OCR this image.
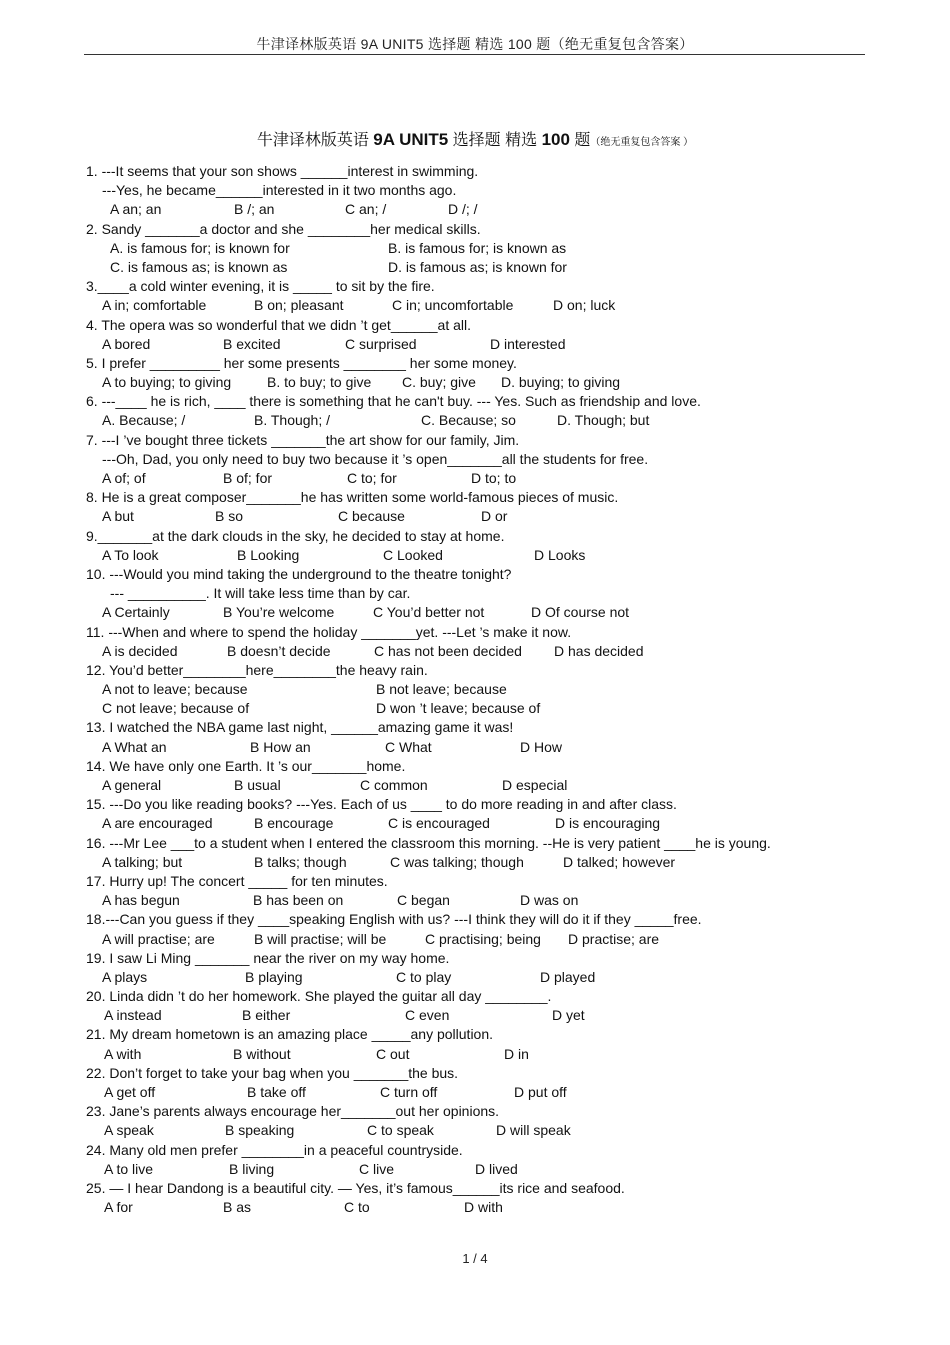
牛津译林版英语 9A UNIT5 选择题 精选 100 题（绝无重复包含答案）
牛津译林版英语 9A UNIT5 选择题 精选 100 题（绝无重复包含答案 ）
1. ---It seems that your son shows ______interest in swimming.
---Yes, he became______interested in it two months ago.
A an; an	B /; an	C an; /	D /; /
2. Sandy _______a doctor and she ________her medical skills.
A. is famous for; is known for	B. is famous for; is known as
C. is famous as; is known as	D. is famous as; is known for
3.____a cold winter evening, it is _____ to sit by the fire.
A in; comfortable	B on; pleasant	C in; uncomfortable	D on; luck
4. The opera was so wonderful that we didn ’t get______at all.
A bored	B excited	C surprised	D interested
5. I prefer _________ her some presents ________ her some money.
A to buying; to giving	B. to buy; to give C. buy; give D. buying; to giving
6. ---____ he is rich, ____ there is something that he can't buy. --- Yes. Such as friendship and love.
A. Because; /	B. Though; /	C. Because; so	D. Though; but
7. ---I ’ve bought three tickets _______the art show for our family, Jim.
---Oh, Dad, you only need to buy two because it ’s open_______all the students for free.
A of; of	B of; for	C to; for	D to; to
8. He is a great composer_______he has written some world-famous pieces of music.
A but	B so	C because	D or
9._______at the dark clouds in the sky, he decided to stay at home.
A To look	B Looking	C Looked	D Looks
10. ---Would you mind taking the underground to the theatre tonight?
--- __________. It will take less time than by car.
A Certainly	B You’re welcome	C You’d better not	D Of course not
11. ---When and where to spend the holiday _______yet. ---Let ’s make it now.
A is decided	B doesn’t decide	C has not been decided D has decided
12. You’d better________here________the heavy rain.
A not to leave; because	B not leave; because
C not leave; because of	D won ’t leave; because of
13. I watched the NBA game last night, ______amazing game it was!
A What an	B How an	C What	D How
14. We have only one Earth. It ’s our_______home.
A general	B usual	C common	D especial
15. ---Do you like reading books? ---Yes. Each of us ____ to do more reading in and after class.
A are encouraged	B encourage	C is encouraged	D is encouraging
16. ---Mr Lee ___to a student when I entered the classroom this morning. --He is very patient ____he is young.
A talking; but	B talks; though	C was talking; though	D talked; however
17. Hurry up! The concert _____ for ten minutes.
A has begun	B has been on	C began	D was on
18.---Can you guess if they ____speaking English with us? ---I think they will do it if they _____free.
A will practise; are	B will practise; will be	C practising; being D practise; are
19. I saw Li Ming _______ near the river on my way home.
A plays	B playing	C to play	D played
20. Linda didn ’t do her homework. She played the guitar all day ________.
A instead	B either	C even	D yet
21. My dream hometown is an amazing place _____any pollution.
A with	B without	C out	D in
22. Don’t forget to take your bag when you _______the bus.
A get off	B take off	C turn off	D put off
23. Jane’s parents always encourage her_______out her opinions.
A speak	B speaking	C to speak	D will speak
24. Many old men prefer ________in a peaceful countryside.
A to live	B living	C live	D lived
25. — I hear Dandong is a beautiful city. — Yes, it’s famous______its rice and seafood.
A for	B as	C to	D with
1 / 4
